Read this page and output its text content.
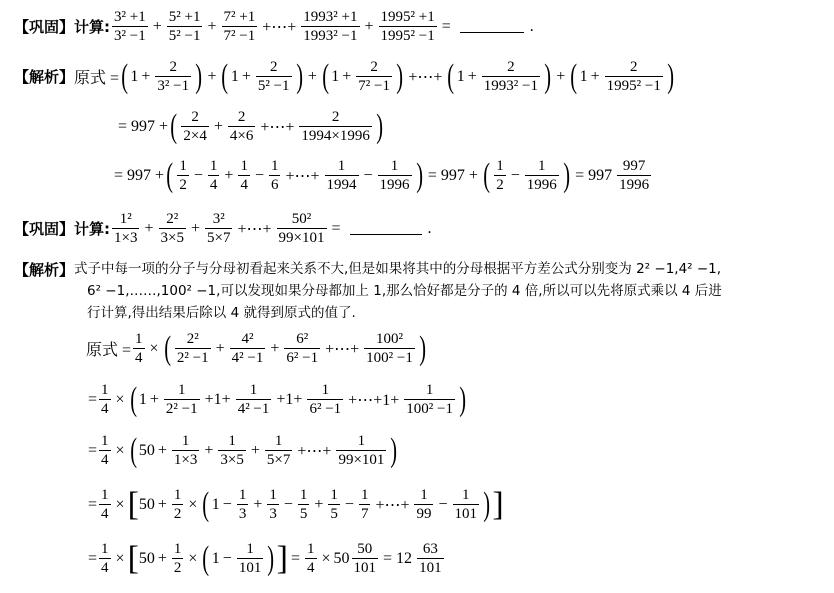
【巩固】 计算: $\frac{\text{3² +1}}{\text{3² −1}} + \frac{\text{5² +1}}{\text{5² −1}} + \frac{\text{7² +1}}{\text{7² −1}}$ +⋯+ $\frac{\text{1993² +1}}{\text{1993² −1}} + \frac{\text{1995² +1}}{\text{1995² −1}}$ =	.
【解析】 原式 = ( $1 + \frac{2}{\text{3² −1}}$ ) + ( $1 + \frac{2}{\text{5² −1}}$ ) + ( $1 + \frac{2}{\text{7² −1}}$ ) +⋯+ ( $1 + \frac{2}{\text{1993² −1}}$ ) + ( $1 + \frac{2}{\text{1995² −1}}$ )
= 997 + ( $\frac{2}{2\times 4} + \frac{2}{4\times 6}$ +⋯+ $\frac{2}{1994\times 1996}$ )
= 997 + ( $\frac{1}{2} - \frac{1}{4} + \frac{1}{4} - \frac{1}{6}$ +⋯+ $\frac{1}{1994} - \frac{1}{1996}$ ) = 997 + ( $\frac{1}{2} - \frac{1}{1996}$ ) = $997 \frac{997}{1996}$
【巩固】 计算: $\frac{\text{1²}}{1\times 3} + \frac{\text{2²}}{3\times 5} + \frac{\text{3²}}{5\times 7}$ +⋯+ $\frac{\text{50²}}{99\times 101}$ =	.
【解析】 式子中每一项的分子与分母初看起来关系不大,但是如果将其中的分母根据平方差公式分别变为 2² −1,4² −1,
6² −1,……,100² −1,可以发现如果分母都加上 1,那么恰好都是分子的 4 倍,所以可以先将原式乘以 4 后进
行计算,得出结果后除以 4 就得到原式的值了.
原式 = $\frac{1}{4}$ × ( $\frac{\text{2²}}{\text{2² −1}} + \frac{\text{4²}}{\text{4² −1}} + \frac{\text{6²}}{\text{6² −1}}$ +⋯+ $\frac{\text{100²}}{\text{100² −1}}$ )
= $\frac{1}{4}$ × ( $1 + \frac{1}{\text{2² −1}} +1+ \frac{1}{\text{4² −1}} +1+ \frac{1}{\text{6² −1}}$ +⋯+1+ $\frac{1}{\text{100² −1}}$ )
= $\frac{1}{4}$ × ( $50 + \frac{1}{1\times 3} + \frac{1}{3\times 5} + \frac{1}{5\times 7}$ +⋯+ $\frac{1}{99\times 101}$ )
= $\frac{1}{4}$ × [ $50 + \frac{1}{2}$ × ( $1 - \frac{1}{3} + \frac{1}{3} - \frac{1}{5} + \frac{1}{5} - \frac{1}{7}$ +⋯+ $\frac{1}{99} - \frac{1}{101}$ ) ]
= $\frac{1}{4}$ × [ $50 + \frac{1}{2}$ × ( $1 - \frac{1}{101}$ ) ] = $\frac{1}{4} \times 50 \frac{50}{101} = 12 \frac{63}{101}$
